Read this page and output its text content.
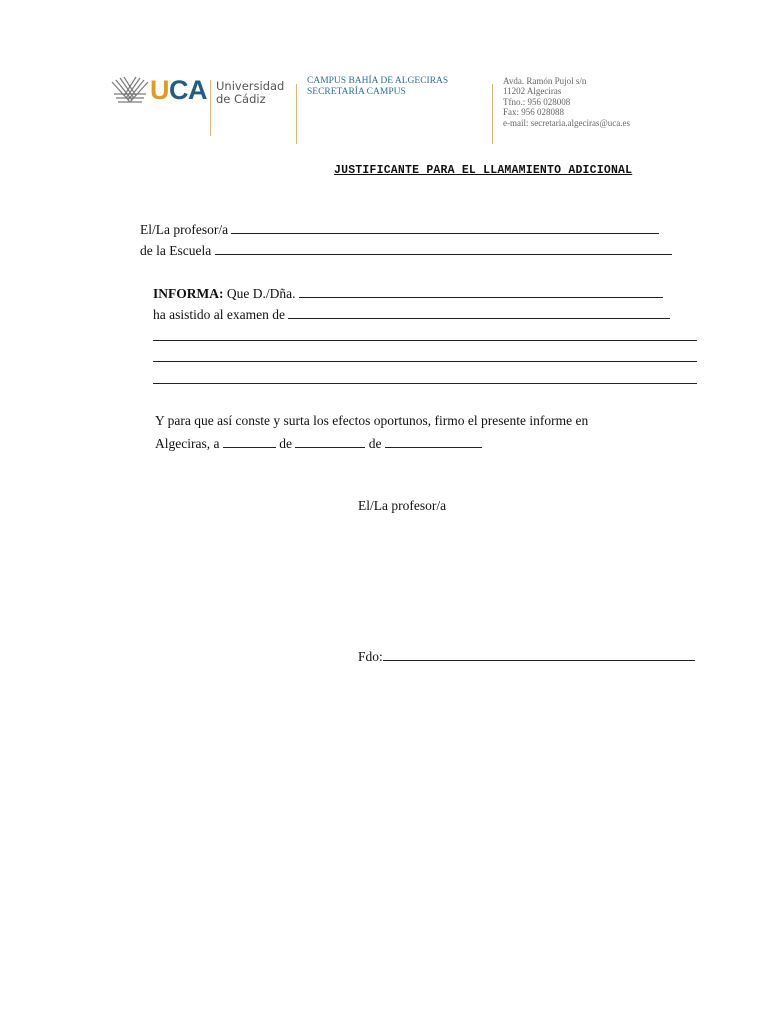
UCA Universidad
de Cádiz
CAMPUS BAHÍA DE ALGECIRAS
SECRETARÍA CAMPUS
Avda. Ramón Pujol s/n
11202 Algeciras
Tfno.: 956 028008
Fax: 956 028088
e-mail: secretaria.algeciras@uca.es
JUSTIFICANTE PARA EL LLAMAMIENTO ADICIONAL
El/La profesor/a
de la Escuela
INFORMA: Que D./Dña.
ha asistido al examen de
Y para que así conste y surta los efectos oportunos, firmo el presente informe en
Algeciras, a	de	de
El/La profesor/a
Fdo:
